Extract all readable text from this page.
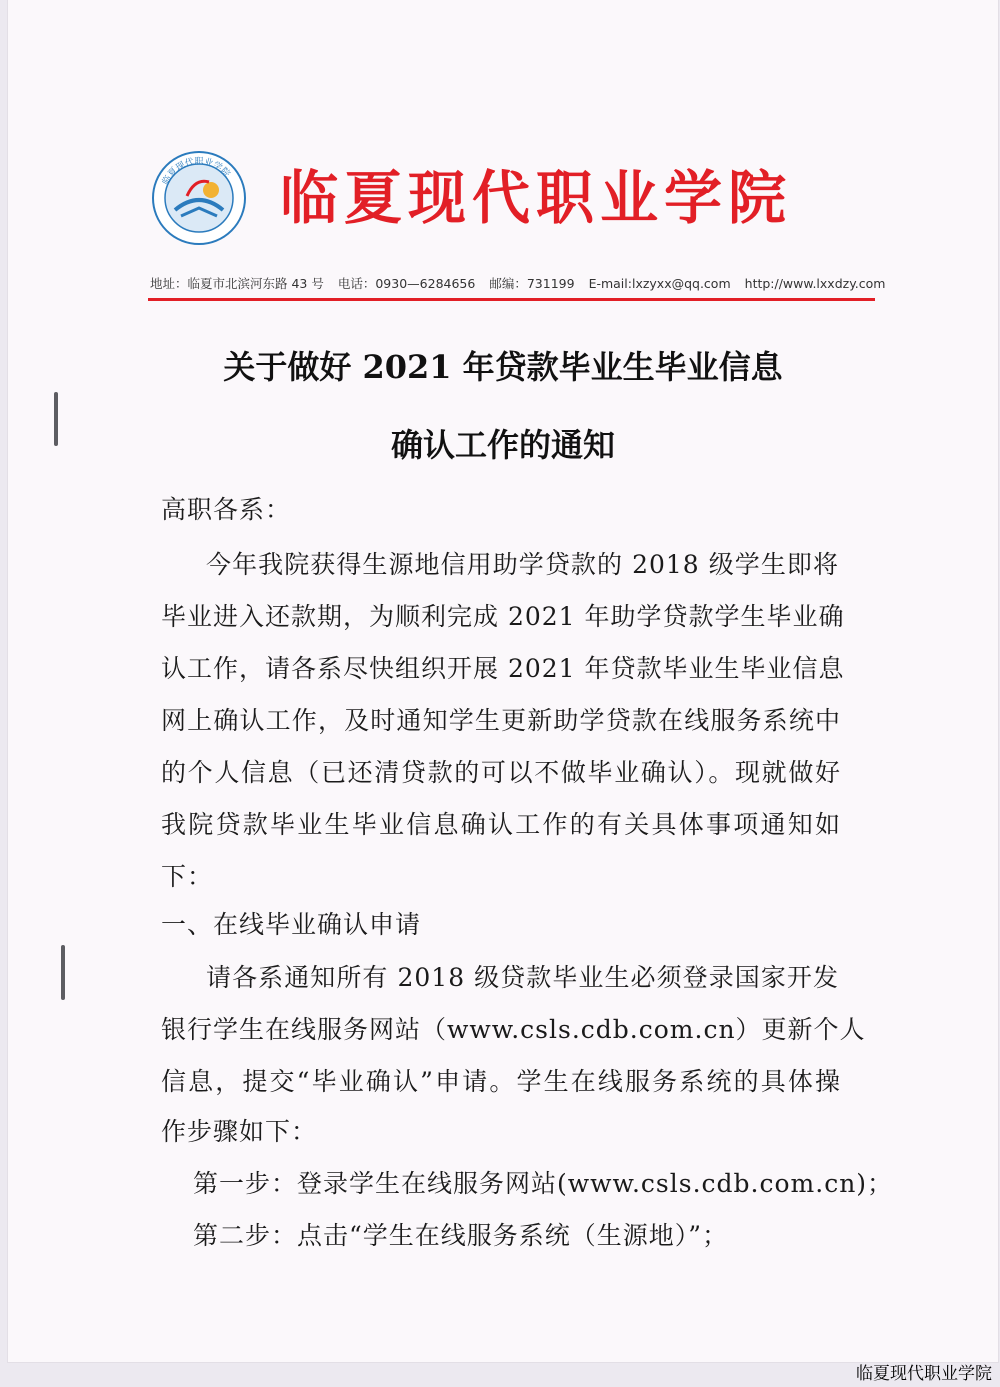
临夏现代职业学院 临夏现代职业学院
地址：临夏市北滨河东路 43 号 电话：0930—6284656 邮编：731199 E-mail:lxzyxx@qq.com http://www.lxxdzy.com
关于做好 2021 年贷款毕业生毕业信息
确认工作的通知
高职各系：
今年我院获得生源地信用助学贷款的 2018 级学生即将
毕业进入还款期，为顺利完成 2021 年助学贷款学生毕业确
认工作，请各系尽快组织开展 2021 年贷款毕业生毕业信息
网上确认工作，及时通知学生更新助学贷款在线服务系统中
的个人信息（已还清贷款的可以不做毕业确认）。现就做好
我院贷款毕业生毕业信息确认工作的有关具体事项通知如
下：
一、在线毕业确认申请
请各系通知所有 2018 级贷款毕业生必须登录国家开发
银行学生在线服务网站（www.csls.cdb.com.cn）更新个人
信息，提交“毕业确认”申请。学生在线服务系统的具体操
作步骤如下：
第一步：登录学生在线服务网站(www.csls.cdb.com.cn)；
第二步：点击“学生在线服务系统（生源地）”；
临夏现代职业学院
